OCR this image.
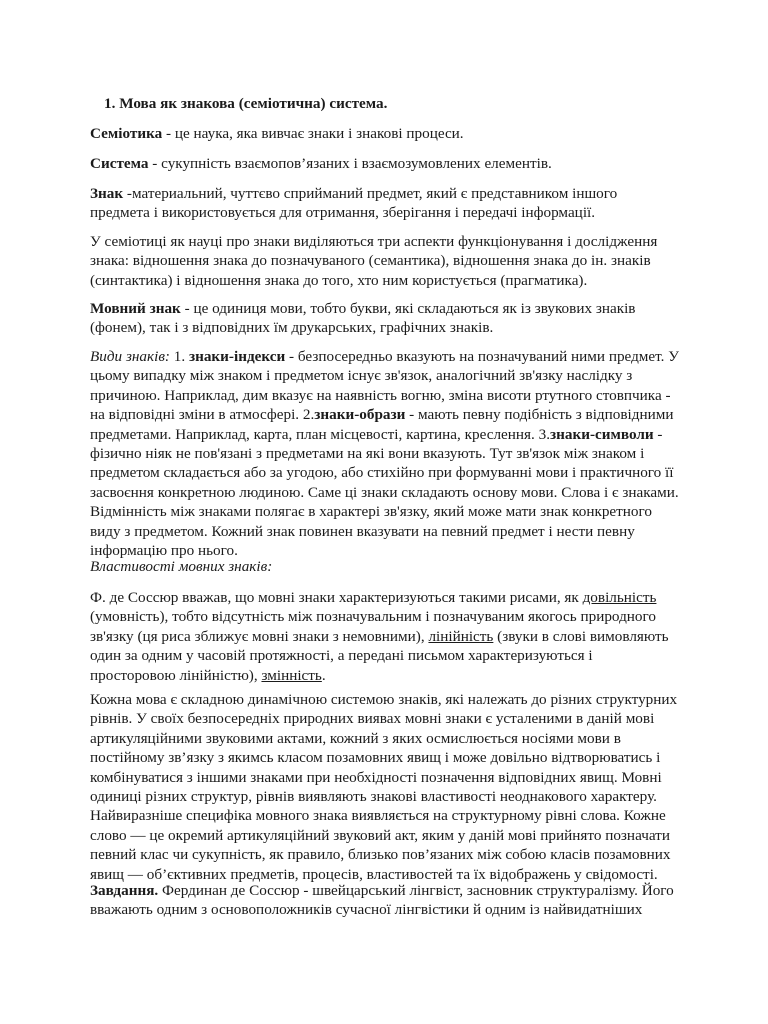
1. Мова як знакова (семіотична) система.

Семіотика - це наука, яка вивчає знаки і знакові процеси.

Система - сукупність взаємопов’язаних і взаємозумовлених елементів.

Знак -материальний, чуттєво сприйманий предмет, який є представником іншого предмета і використовується для отримання, зберігання і передачі інформації.

У семіотиці як науці про знаки виділяються три аспекти функціонування і дослідження знака: відношення знака до позначуваного (семантика), відношення знака до ін. знаків (синтактика) і відношення знака до того, хто ним користується (прагматика).

Мовний знак - це одиниця мови, тобто букви, які складаються як із звукових знаків (фонем), так і з відповідних їм друкарських, графічних знаків.

Види знаків: 1. знаки-індекси - безпосередньо вказують на позначуваний ними предмет. У цьому випадку між знаком і предметом існує зв'язок, аналогічний зв'язку наслідку з причиною. Наприклад, дим вказує на наявність вогню, зміна висоти ртутного стовпчика - на відповідні зміни в атмосфері. 2.знаки-образи - мають певну подібність з відповідними предметами. Наприклад, карта, план місцевості, картина, креслення. 3.знаки-символи - фізично ніяк не пов'язані з предметами на які вони вказують. Тут зв'язок між знаком і предметом складається або за угодою, або стихійно при формуванні мови і практичного її засвоєння конкретною людиною. Саме ці знаки складають основу мови. Слова і є знаками. Відмінність між знаками полягає в характері зв'язку, який може мати знак конкретного виду з предметом. Кожний знак повинен вказувати на певний предмет і нести певну інформацію про нього.

Властивості мовних знаків:

Ф. де Соссюр вважав, що мовні знаки характеризуються такими рисами, як довільність (умовність), тобто відсутність між позначувальним і позначуваним якогось природного зв'язку (ця риса зближує мовні знаки з немовними), лінійність (звуки в слові вимовляють один за одним у часовій протяжності, а передані письмом характеризуються і просторовою лінійністю), змінність.

Кожна мова є складною динамічною системою знаків, які належать до різних структурних рівнів. У своїх безпосередніх природних виявах мовні знаки є усталеними в даній мові артикуляційними звуковими актами, кожний з яких осмислюється носіями мови в постійному зв’язку з якимсь класом позамовних явищ і може довільно відтворюватись і комбінуватися з іншими знаками при необхідності позначення відповідних явищ. Мовні одиниці різних структур, рівнів виявляють знакові властивості неоднакового характеру. Найвиразніше специфіка мовного знака виявляється на структурному рівні слова. Кожне слово — це окремий артикуляційний звуковий акт, яким у даній мові прийнято позначати певний клас чи сукупність, як правило, близько пов’язаних між собою класів позамовних явищ — об’єктивних предметів, процесів, властивостей та їх відображень у свідомості.

Завдання. Фердинан де Соссюр - швейцарський лінгвіст, засновник структуралізму. Його вважають одним з основоположників сучасної лінгвістики й одним із найвидатніших
